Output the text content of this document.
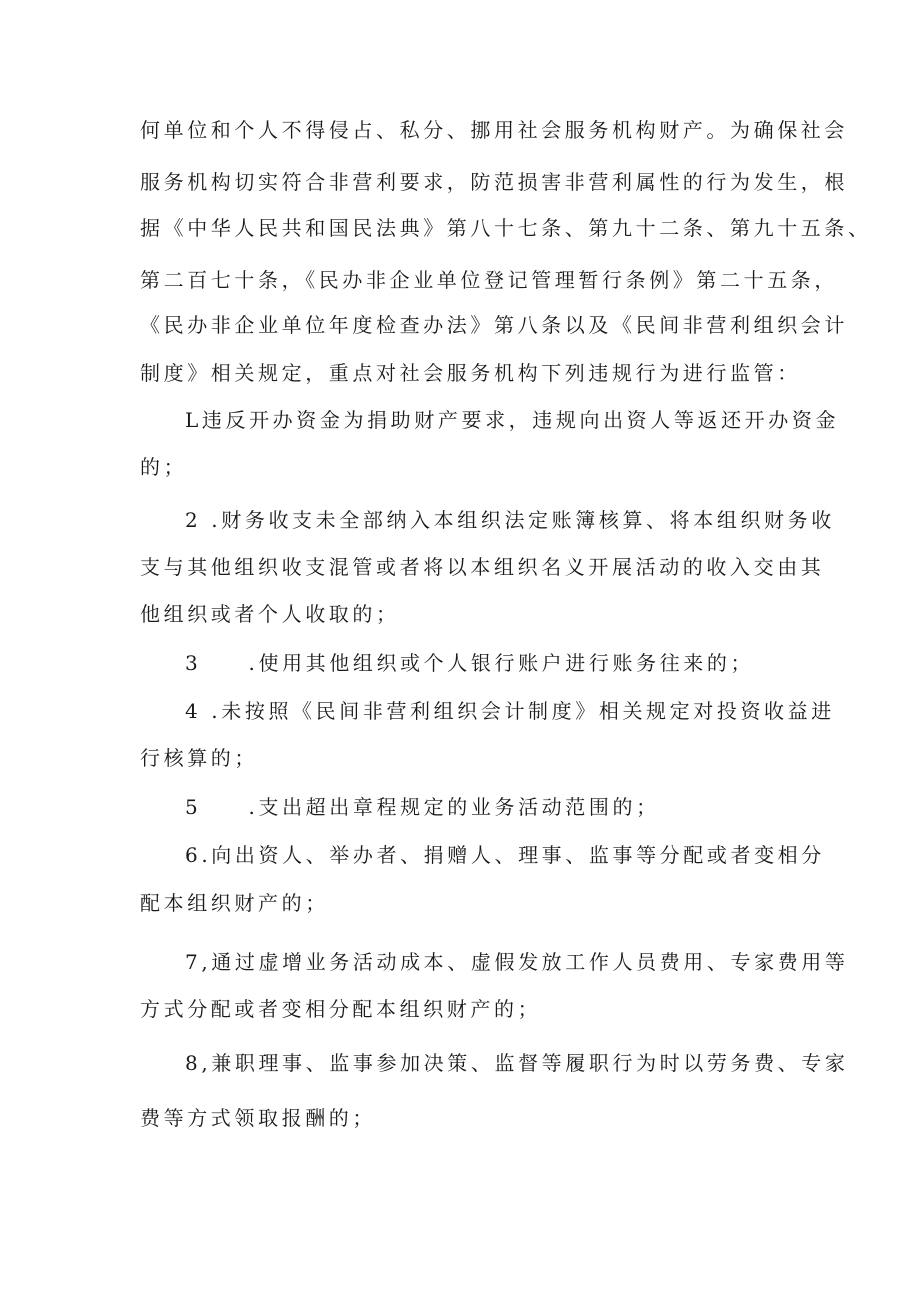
何单位和个人不得侵占、私分、挪用社会服务机构财产。为确保社会
服务机构切实符合非营利要求，防范损害非营利属性的行为发生，根
据《中华人民共和国民法典》第八十七条、第九十二条、第九十五条、
第二百七十条，《民办非企业单位登记管理暂行条例》第二十五条，
《民办非企业单位年度检查办法》第八条以及《民间非营利组织会计
制度》相关规定，重点对社会服务机构下列违规行为进行监管：
L违反开办资金为捐助财产要求，违规向出资人等返还开办资金
的；
2 .财务收支未全部纳入本组织法定账簿核算、将本组织财务收
支与其他组织收支混管或者将以本组织名义开展活动的收入交由其
他组织或者个人收取的；
3　　.使用其他组织或个人银行账户进行账务往来的；
4 .未按照《民间非营利组织会计制度》相关规定对投资收益进
行核算的；
5　　.支出超出章程规定的业务活动范围的；
6.向出资人、举办者、捐赠人、理事、监事等分配或者变相分
配本组织财产的；
7,通过虚增业务活动成本、虚假发放工作人员费用、专家费用等
方式分配或者变相分配本组织财产的；
8,兼职理事、监事参加决策、监督等履职行为时以劳务费、专家
费等方式领取报酬的；
